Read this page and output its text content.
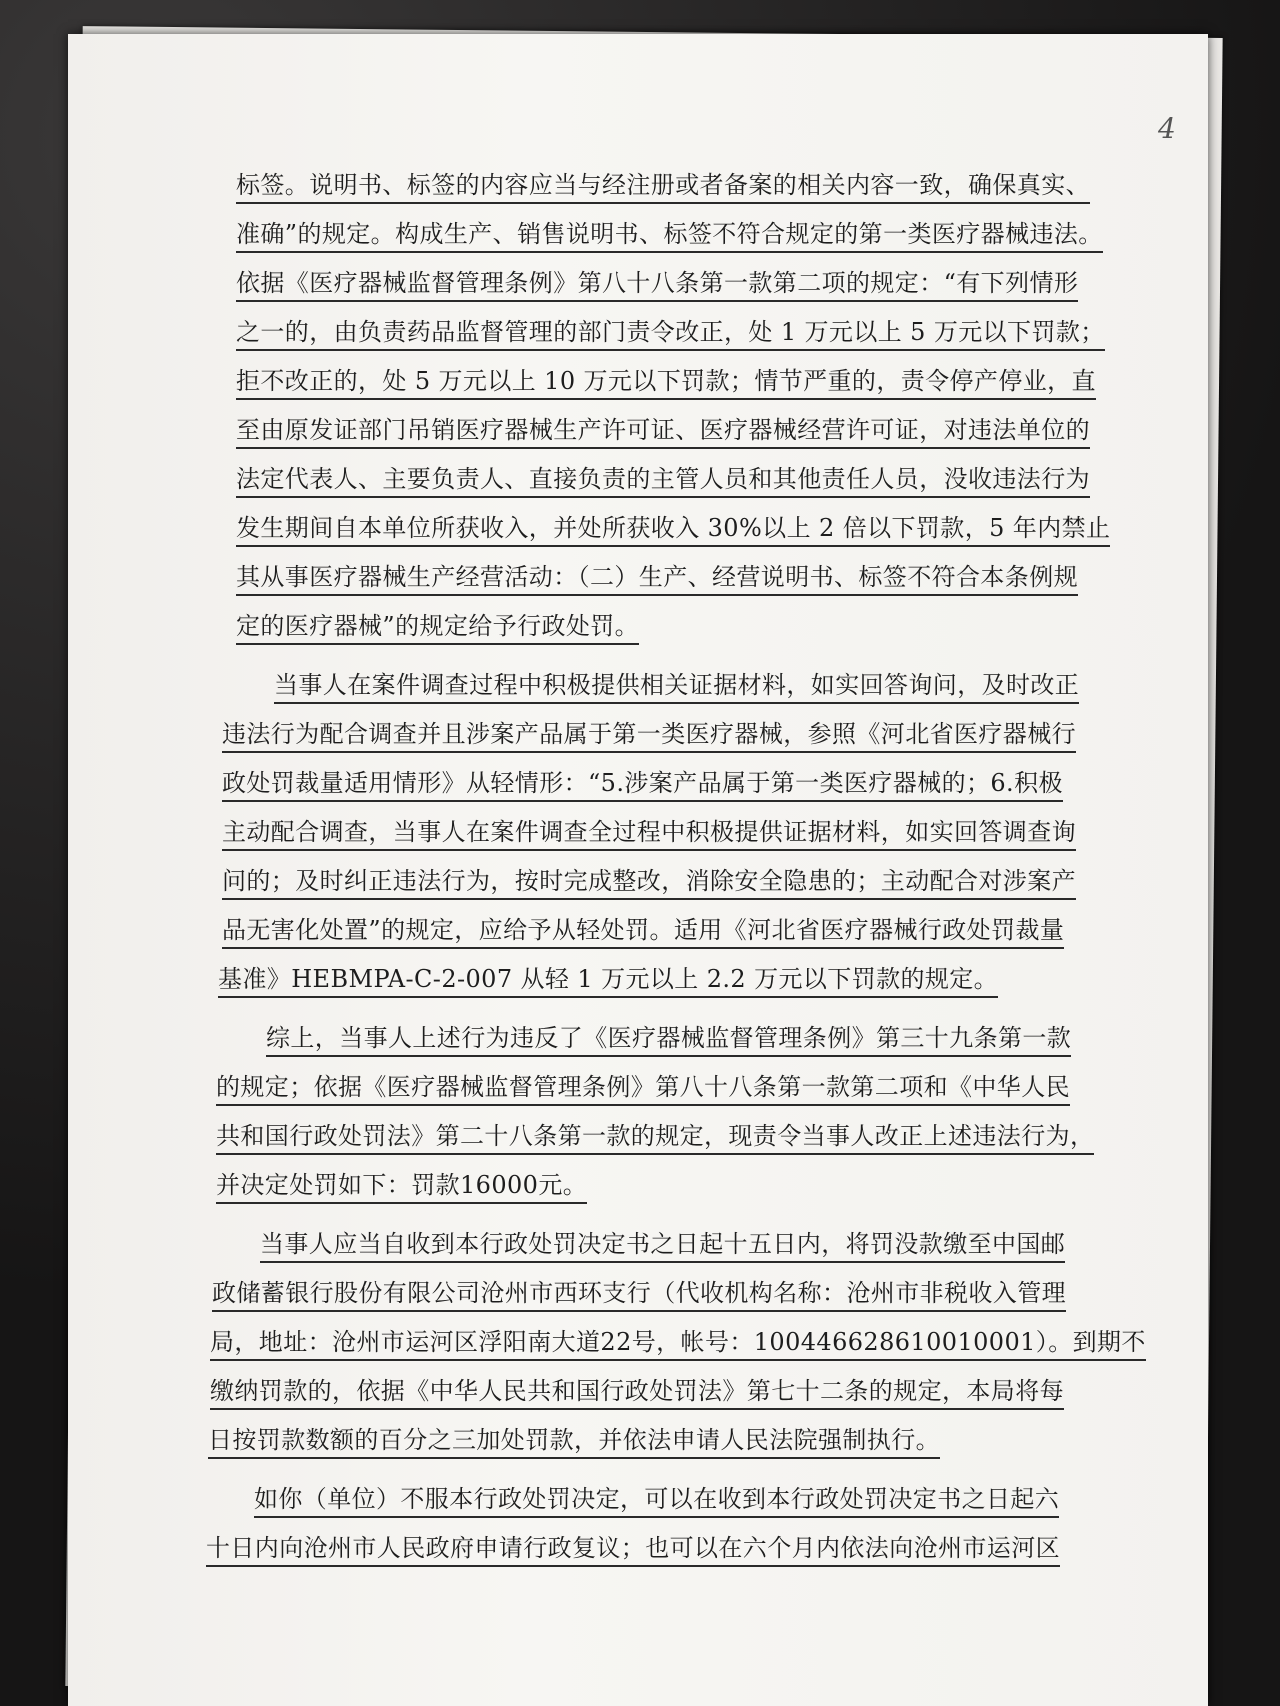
4
标签。说明书、标签的内容应当与经注册或者备案的相关内容一致，确保真实、
准确”的规定。构成生产、销售说明书、标签不符合规定的第一类医疗器械违法。
依据《医疗器械监督管理条例》第八十八条第一款第二项的规定：“有下列情形
之一的，由负责药品监督管理的部门责令改正，处 1 万元以上 5 万元以下罚款；
拒不改正的，处 5 万元以上 10 万元以下罚款；情节严重的，责令停产停业，直
至由原发证部门吊销医疗器械生产许可证、医疗器械经营许可证，对违法单位的
法定代表人、主要负责人、直接负责的主管人员和其他责任人员，没收违法行为
发生期间自本单位所获收入，并处所获收入 30%以上 2 倍以下罚款，5 年内禁止
其从事医疗器械生产经营活动：（二）生产、经营说明书、标签不符合本条例规
定的医疗器械”的规定给予行政处罚。
当事人在案件调查过程中积极提供相关证据材料，如实回答询问，及时改正
违法行为配合调查并且涉案产品属于第一类医疗器械，参照《河北省医疗器械行
政处罚裁量适用情形》从轻情形：“5.涉案产品属于第一类医疗器械的；6.积极
主动配合调查，当事人在案件调查全过程中积极提供证据材料，如实回答调查询
问的；及时纠正违法行为，按时完成整改，消除安全隐患的；主动配合对涉案产
品无害化处置”的规定，应给予从轻处罚。适用《河北省医疗器械行政处罚裁量
基准》HEBMPA-C-2-007 从轻 1 万元以上 2.2 万元以下罚款的规定。
综上，当事人上述行为违反了《医疗器械监督管理条例》第三十九条第一款
的规定；依据《医疗器械监督管理条例》第八十八条第一款第二项和《中华人民
共和国行政处罚法》第二十八条第一款的规定，现责令当事人改正上述违法行为，
并决定处罚如下：罚款16000元。
当事人应当自收到本行政处罚决定书之日起十五日内，将罚没款缴至中国邮
政储蓄银行股份有限公司沧州市西环支行（代收机构名称：沧州市非税收入管理
局，地址：沧州市运河区浮阳南大道22号，帐号：100446628610010001）。到期不
缴纳罚款的，依据《中华人民共和国行政处罚法》第七十二条的规定，本局将每
日按罚款数额的百分之三加处罚款，并依法申请人民法院强制执行。
如你（单位）不服本行政处罚决定，可以在收到本行政处罚决定书之日起六
十日内向沧州市人民政府申请行政复议；也可以在六个月内依法向沧州市运河区
